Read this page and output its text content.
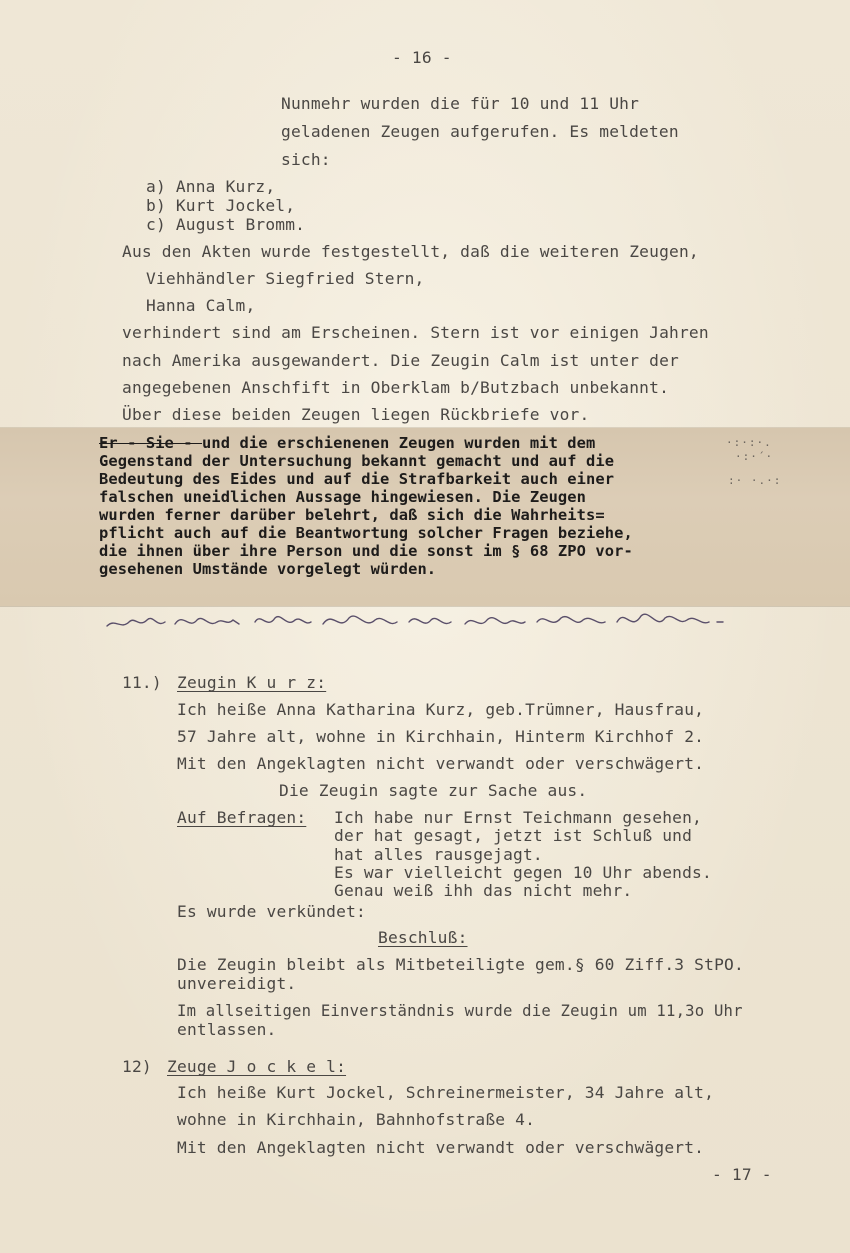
- 16 -
Nunmehr wurden die für 10 und 11 Uhr
geladenen Zeugen aufgerufen. Es meldeten
sich:
a) Anna Kurz,
b) Kurt Jockel,
c) August Bromm.
Aus den Akten wurde festgestellt, daß die weiteren Zeugen,
Viehhändler Siegfried Stern,
Hanna Calm,
verhindert sind am Erscheinen. Stern ist vor einigen Jahren
nach Amerika ausgewandert. Die Zeugin Calm ist unter der
angegebenen Anschfift in Oberklam b/Butzbach unbekannt.
Über diese beiden Zeugen liegen Rückbriefe vor.
Er - Sie - und die erschienenen Zeugen wurden mit dem
Gegenstand der Untersuchung bekannt gemacht und auf die
Bedeutung des Eides und auf die Strafbarkeit auch einer
falschen uneidlichen Aussage hingewiesen. Die Zeugen
wurden ferner darüber belehrt, daß sich die Wahrheits=
pflicht auch auf die Beantwortung solcher Fragen beziehe,
die ihnen über ihre Person und die sonst im § 68 ZPO vor-
gesehenen Umstände vorgelegt würden.
·:·:·.
·:·´·
:· ·.·:
11.) Zeugin K u r z:
Ich heiße Anna Katharina Kurz, geb.Trümner, Hausfrau,
57 Jahre alt, wohne in Kirchhain, Hinterm Kirchhof 2.
Mit den Angeklagten nicht verwandt oder verschwägert.
Die Zeugin sagte zur Sache aus.
Auf Befragen: Ich habe nur Ernst Teichmann gesehen,
der hat gesagt, jetzt ist Schluß und
hat alles rausgejagt.
Es war vielleicht gegen 10 Uhr abends.
Genau weiß ihh das nicht mehr.
Es wurde verkündet:
Beschluß:
Die Zeugin bleibt als Mitbeteiligte gem.§ 60 Ziff.3 StPO.
unvereidigt.
Im allseitigen Einverständnis wurde die Zeugin um 11,3o Uhr
entlassen.
12) Zeuge J o c k e l:
Ich heiße Kurt Jockel, Schreinermeister, 34 Jahre alt,
wohne in Kirchhain, Bahnhofstraße 4.
Mit den Angeklagten nicht verwandt oder verschwägert.
- 17 -
